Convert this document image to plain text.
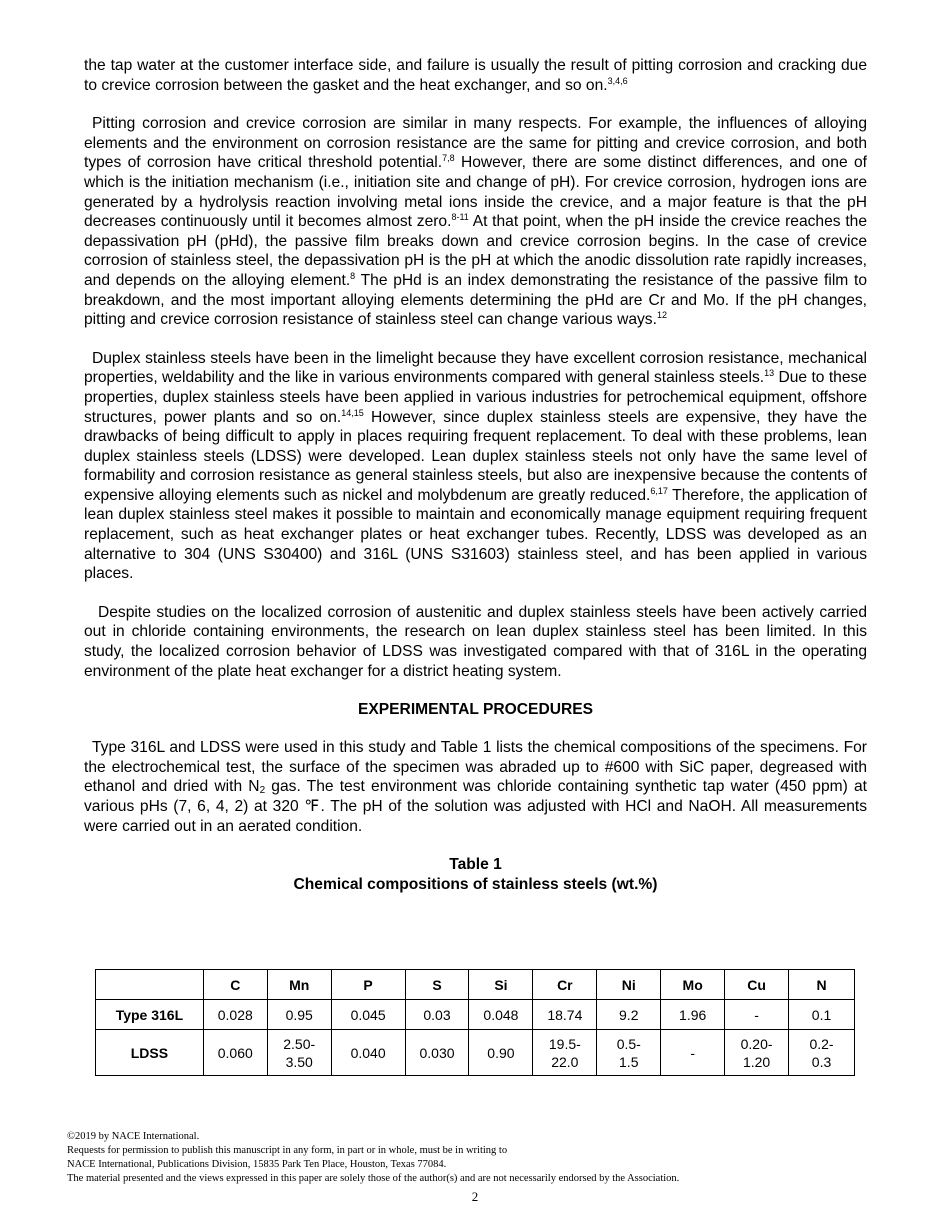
the tap water at the customer interface side, and failure is usually the result of pitting corrosion and cracking due to crevice corrosion between the gasket and the heat exchanger, and so on.$^{3,4,6}$

Pitting corrosion and crevice corrosion are similar in many respects. For example, the influences of alloying elements and the environment on corrosion resistance are the same for pitting and crevice corrosion, and both types of corrosion have critical threshold potential.$^{7,8}$ However, there are some distinct differences, and one of which is the initiation mechanism (i.e., initiation site and change of pH). For crevice corrosion, hydrogen ions are generated by a hydrolysis reaction involving metal ions inside the crevice, and a major feature is that the pH decreases continuously until it becomes almost zero.$^{8-11}$ At that point, when the pH inside the crevice reaches the depassivation pH (pHd), the passive film breaks down and crevice corrosion begins. In the case of crevice corrosion of stainless steel, the depassivation pH is the pH at which the anodic dissolution rate rapidly increases, and depends on the alloying element.$^8$ The pHd is an index demonstrating the resistance of the passive film to breakdown, and the most important alloying elements determining the pHd are Cr and Mo. If the pH changes, pitting and crevice corrosion resistance of stainless steel can change various ways.$^{12}$

Duplex stainless steels have been in the limelight because they have excellent corrosion resistance, mechanical properties, weldability and the like in various environments compared with general stainless steels.$^{13}$ Due to these properties, duplex stainless steels have been applied in various industries for petrochemical equipment, offshore structures, power plants and so on.$^{14,15}$ However, since duplex stainless steels are expensive, they have the drawbacks of being difficult to apply in places requiring frequent replacement. To deal with these problems, lean duplex stainless steels (LDSS) were developed. Lean duplex stainless steels not only have the same level of formability and corrosion resistance as general stainless steels, but also are inexpensive because the contents of expensive alloying elements such as nickel and molybdenum are greatly reduced.$^{6,17}$ Therefore, the application of lean duplex stainless steel makes it possible to maintain and economically manage equipment requiring frequent replacement, such as heat exchanger plates or heat exchanger tubes. Recently, LDSS was developed as an alternative to 304 (UNS S30400) and 316L (UNS S31603) stainless steel, and has been applied in various places.

Despite studies on the localized corrosion of austenitic and duplex stainless steels have been actively carried out in chloride containing environments, the research on lean duplex stainless steel has been limited. In this study, the localized corrosion behavior of LDSS was investigated compared with that of 316L in the operating environment of the plate heat exchanger for a district heating system.

EXPERIMENTAL PROCEDURES

Type 316L and LDSS were used in this study and Table 1 lists the chemical compositions of the specimens. For the electrochemical test, the surface of the specimen was abraded up to #600 with SiC paper, degreased with ethanol and dried with $N_2$ gas. The test environment was chloride containing synthetic tap water (450 ppm) at various pHs (7, 6, 4, 2) at 320 ℉. The pH of the solution was adjusted with HCl and NaOH. All measurements were carried out in an aerated condition.

Table 1
Chemical compositions of stainless steels (wt.%)
	C	Mn	P	S	Si	Cr	Ni	Mo	Cu	N
Type 316L	0.028	0.95	0.045	0.03	0.048	18.74	9.2	1.96	-	0.1
LDSS	0.060	2.50-
3.50	0.040	0.030	0.90	19.5-
22.0	0.5-
1.5	-	0.20-
1.20	0.2-
0.3
©2019 by NACE International.
Requests for permission to publish this manuscript in any form, in part or in whole, must be in writing to
NACE International, Publications Division, 15835 Park Ten Place, Houston, Texas 77084.
The material presented and the views expressed in this paper are solely those of the author(s) and are not necessarily endorsed by the Association.
2
